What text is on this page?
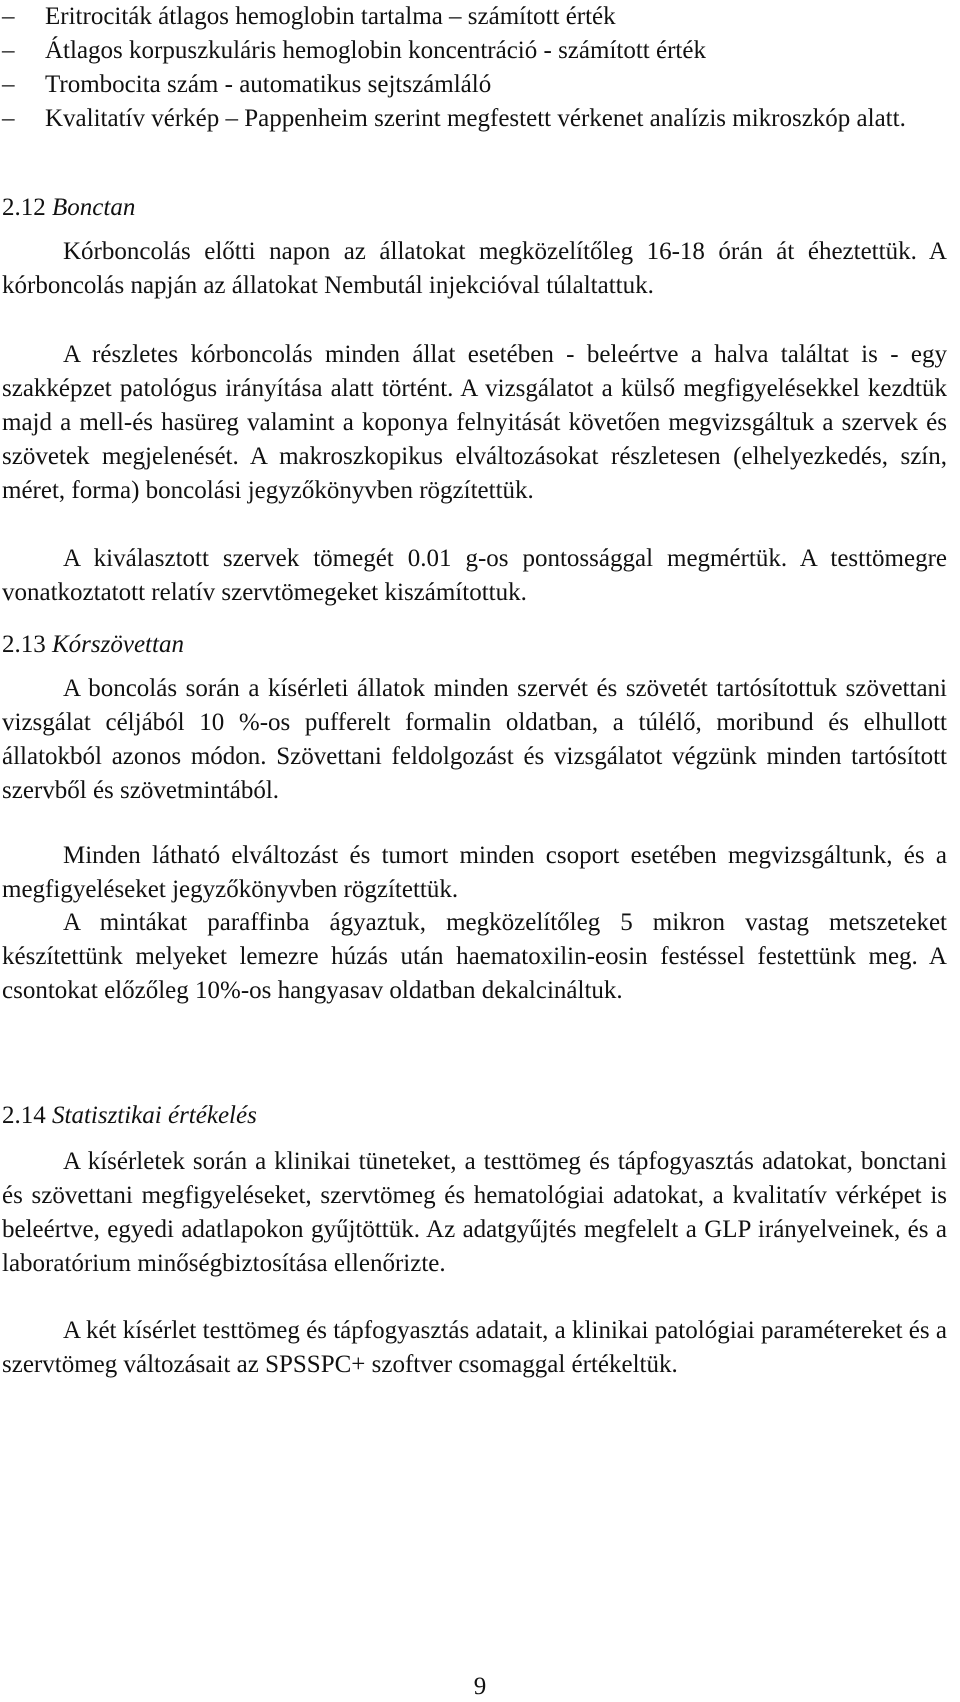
–	Eritrociták átlagos hemoglobin tartalma – számított érték
–	Átlagos korpuszkuláris hemoglobin koncentráció - számított érték
–	Trombocita szám - automatikus sejtszámláló
–	Kvalitatív vérkép – Pappenheim szerint megfestett vérkenet analízis mikroszkóp alatt.
2.12 Bonctan

Kórboncolás előtti napon az állatokat megközelítőleg 16-18 órán át éheztettük. A kórboncolás napján az állatokat Nembutál injekcióval túlaltattuk.

A részletes kórboncolás minden állat esetében - beleértve a halva találtat is - egy szakképzet patológus irányítása alatt történt. A vizsgálatot a külső megfigyelésekkel kezdtük majd a mell-és hasüreg valamint a koponya felnyitását követően megvizsgáltuk a szervek és szövetek megjelenését. A makroszkopikus elváltozásokat részletesen (elhelyezkedés, szín, méret, forma) boncolási jegyzőkönyvben rögzítettük.

A kiválasztott szervek tömegét 0.01 g-os pontossággal megmértük. A testtömegre vonatkoztatott relatív szervtömegeket kiszámítottuk.

2.13 Kórszövettan

A boncolás során a kísérleti állatok minden szervét és szövetét tartósítottuk szövettani vizsgálat céljából 10 %-os pufferelt formalin oldatban, a túlélő, moribund és elhullott állatokból azonos módon. Szövettani feldolgozást és vizsgálatot végzünk minden tartósított szervből és szövetmintából.

Minden látható elváltozást és tumort minden csoport esetében megvizsgáltunk, és a megfigyeléseket jegyzőkönyvben rögzítettük.

A mintákat paraffinba ágyaztuk, megközelítőleg 5 mikron vastag metszeteket készítettünk melyeket lemezre húzás után haematoxilin-eosin festéssel festettünk meg. A csontokat előzőleg 10%-os hangyasav oldatban dekalcináltuk.

2.14 Statisztikai értékelés

A kísérletek során a klinikai tüneteket, a testtömeg és tápfogyasztás adatokat, bonctani és szövettani megfigyeléseket, szervtömeg és hematológiai adatokat, a kvalitatív vérképet is beleértve, egyedi adatlapokon gyűjtöttük. Az adatgyűjtés megfelelt a GLP irányelveinek, és a laboratórium minőségbiztosítása ellenőrizte.

A két kísérlet testtömeg és tápfogyasztás adatait, a klinikai patológiai paramétereket és a szervtömeg változásait az SPSSPC+ szoftver csomaggal értékeltük.

9
